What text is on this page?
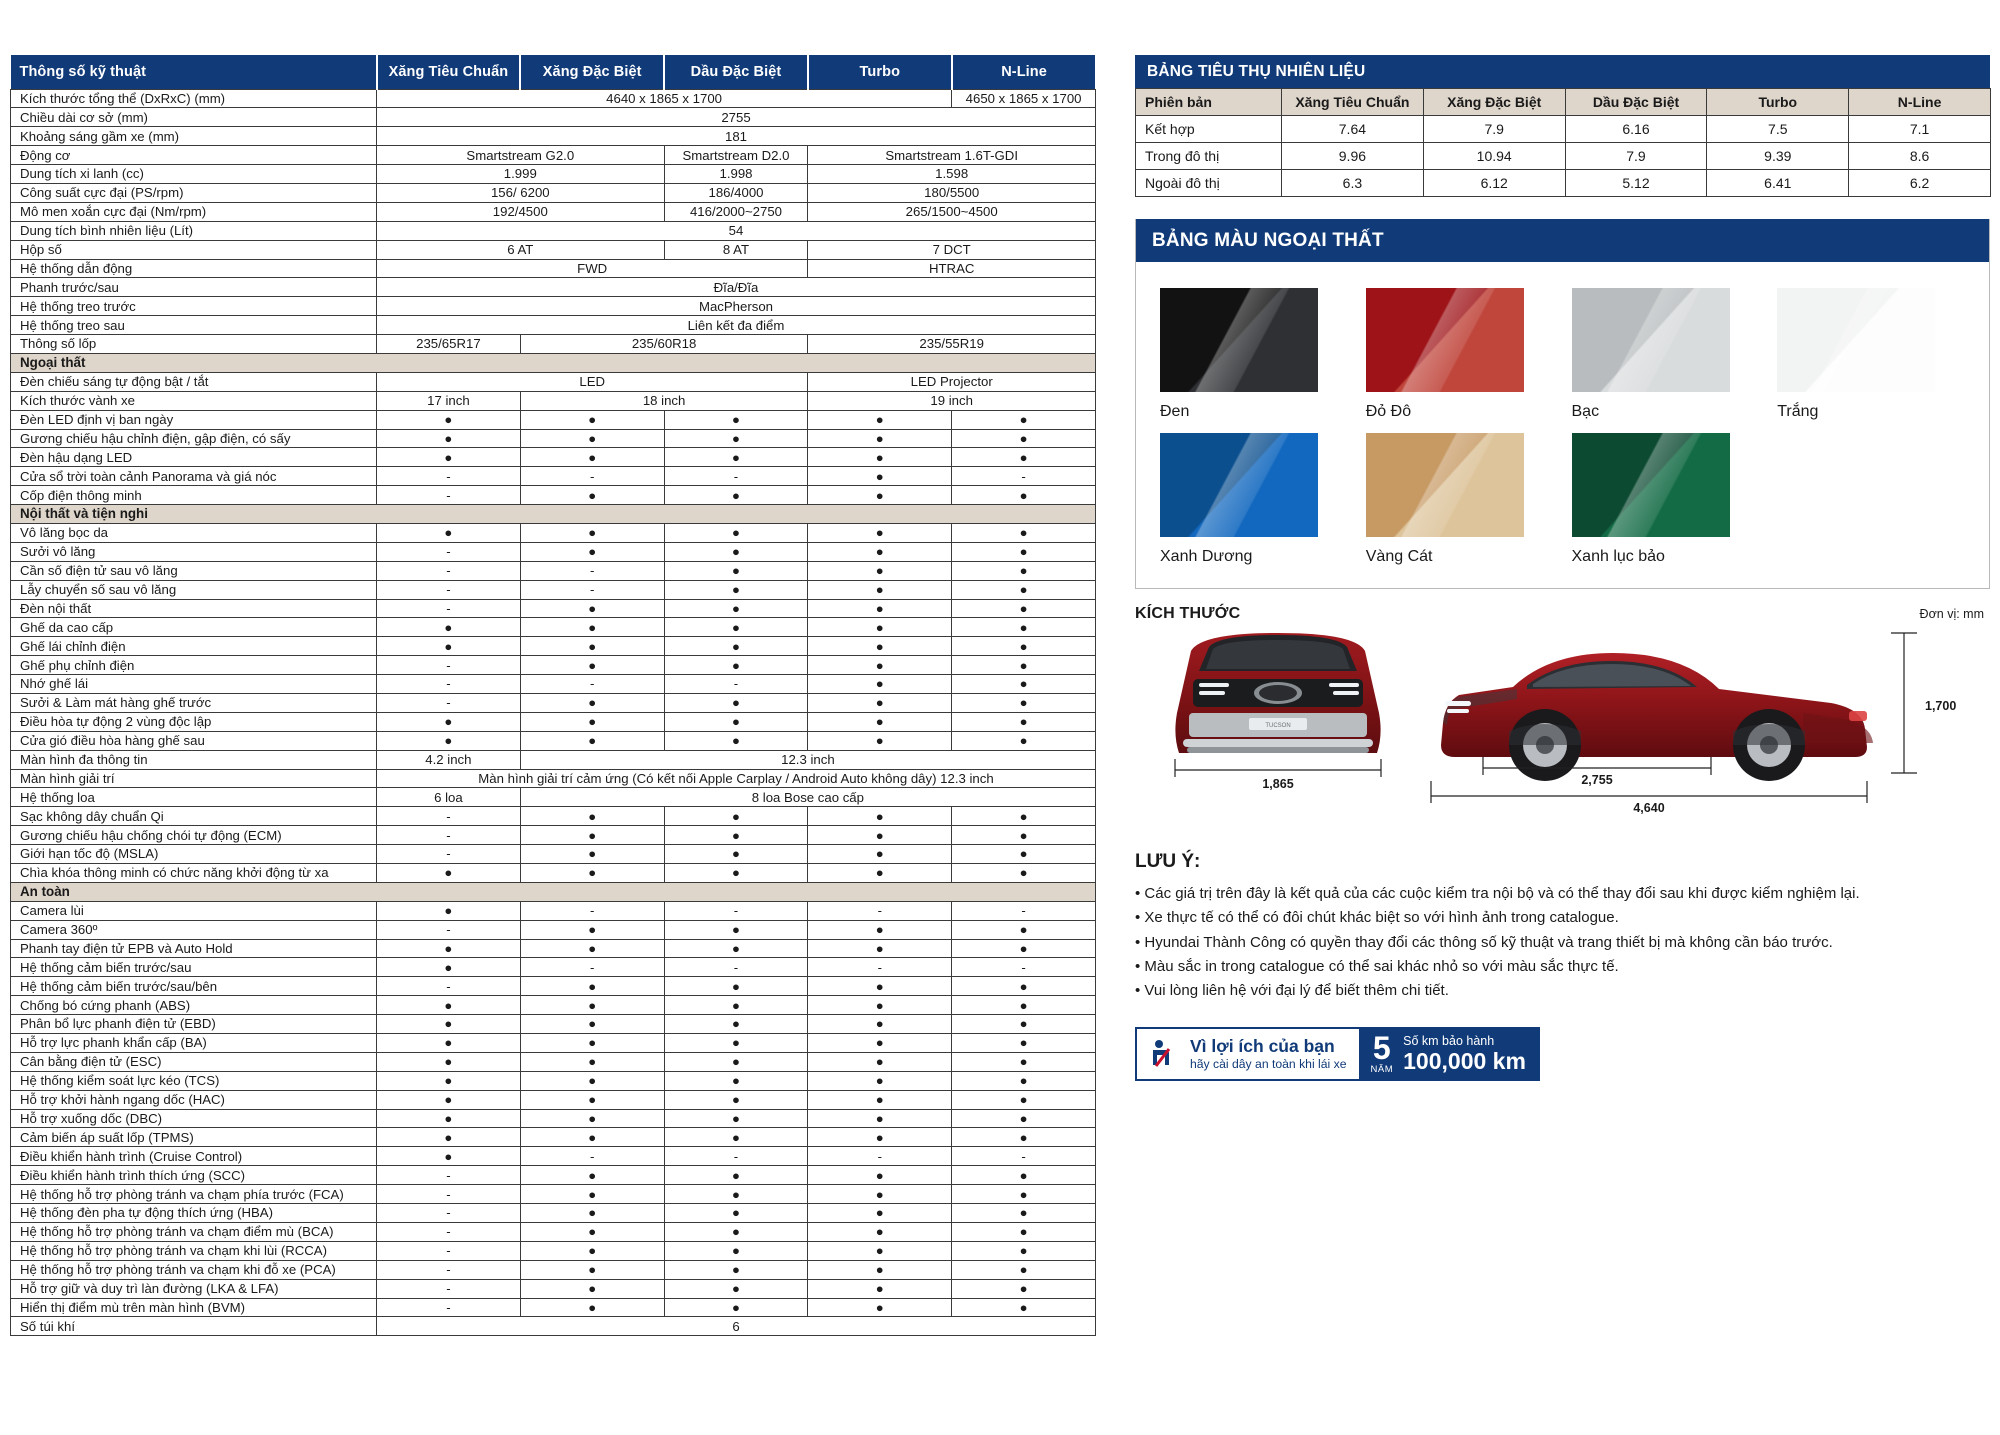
Thông số kỹ thuật	Xăng Tiêu Chuẩn	Xăng Đặc Biệt	Dầu Đặc Biệt	Turbo	N-Line
Kích thước tổng thể (DxRxC) (mm)	4640 x 1865 x 1700				4650 x 1865 x 1700
Chiều dài cơ sở (mm)	2755				
Khoảng sáng gầm xe (mm)	181				
Động cơ	Smartstream G2.0		Smartstream D2.0	Smartstream 1.6T-GDI	
Dung tích xi lanh (cc)	1.999		1.998	1.598	
Công suất cực đại (PS/rpm)	156/ 6200		186/4000	180/5500	
Mô men xoắn cực đại (Nm/rpm)	192/4500		416/2000~2750	265/1500~4500	
Dung tích bình nhiên liệu (Lít)	54				
Hộp số	6 AT		8 AT	7 DCT	
Hệ thống dẫn động	FWD			HTRAC	
Phanh trước/sau	Đĩa/Đĩa				
Hệ thống treo trước	MacPherson				
Hệ thống treo sau	Liên kết đa điểm				
Thông số lốp	235/65R17	235/60R18		235/55R19	
Ngoại thất					
Đèn chiếu sáng tự động bật / tắt	LED			LED Projector	
Kích thước vành xe	17 inch	18 inch		19 inch	
Đèn LED định vị ban ngày	●	●	●	●	●
Gương chiếu hậu chỉnh điện, gập điện, có sấy	●	●	●	●	●
Đèn hậu dạng LED	●	●	●	●	●
Cửa sổ trời toàn cảnh Panorama và giá nóc	-	-	-	●	-
Cốp điện thông minh	-	●	●	●	●
Nội thất và tiện nghi					
Vô lăng bọc da	●	●	●	●	●
Sưởi vô lăng	-	●	●	●	●
Cần số điện tử sau vô lăng	-	-	●	●	●
Lẫy chuyển số sau vô lăng	-	-	●	●	●
Đèn nội thất	-	●	●	●	●
Ghế da cao cấp	●	●	●	●	●
Ghế lái chỉnh điện	●	●	●	●	●
Ghế phụ chỉnh điện	-	●	●	●	●
Nhớ ghế lái	-	-	-	●	●
Sưởi & Làm mát hàng ghế trước	-	●	●	●	●
Điều hòa tự động 2 vùng độc lập	●	●	●	●	●
Cửa gió điều hòa hàng ghế sau	●	●	●	●	●
Màn hình đa thông tin	4.2 inch	12.3 inch			
Màn hình giải trí	Màn hình giải trí cảm ứng (Có kết nối Apple Carplay / Android Auto không dây) 12.3 inch				
Hệ thống loa	6 loa	8 loa Bose cao cấp			
Sạc không dây chuẩn Qi	-	●	●	●	●
Gương chiếu hậu chống chói tự động (ECM)	-	●	●	●	●
Giới hạn tốc độ (MSLA)	-	●	●	●	●
Chìa khóa thông minh có chức năng khởi động từ xa	●	●	●	●	●
An toàn					
Camera lùi	●	-	-	-	-
Camera 360º	-	●	●	●	●
Phanh tay điện tử EPB và Auto Hold	●	●	●	●	●
Hệ thống cảm biến trước/sau	●	-	-	-	-
Hệ thống cảm biến trước/sau/bên	-	●	●	●	●
Chống bó cứng phanh (ABS)	●	●	●	●	●
Phân bổ lực phanh điện tử (EBD)	●	●	●	●	●
Hỗ trợ lực phanh khẩn cấp (BA)	●	●	●	●	●
Cân bằng điện tử (ESC)	●	●	●	●	●
Hệ thống kiểm soát lực kéo (TCS)	●	●	●	●	●
Hỗ trợ khởi hành ngang dốc (HAC)	●	●	●	●	●
Hỗ trợ xuống dốc (DBC)	●	●	●	●	●
Cảm biến áp suất lốp (TPMS)	●	●	●	●	●
Điều khiển hành trình (Cruise Control)	●	-	-	-	-
Điều khiển hành trình thích ứng (SCC)	-	●	●	●	●
Hệ thống hỗ trợ phòng tránh va chạm phía trước (FCA)	-	●	●	●	●
Hệ thống đèn pha tự động thích ứng (HBA)	-	●	●	●	●
Hệ thống hỗ trợ phòng tránh va chạm điểm mù (BCA)	-	●	●	●	●
Hệ thống hỗ trợ phòng tránh va chạm khi lùi (RCCA)	-	●	●	●	●
Hệ thống hỗ trợ phòng tránh va chạm khi đỗ xe (PCA)	-	●	●	●	●
Hỗ trợ giữ và duy trì làn đường (LKA & LFA)	-	●	●	●	●
Hiển thị điểm mù trên màn hình (BVM)	-	●	●	●	●
Số túi khí	6				
BẢNG TIÊU THỤ NHIÊN LIỆU
Phiên bản	Xăng Tiêu Chuẩn	Xăng Đặc Biệt	Dầu Đặc Biệt	Turbo	N-Line
Kết hợp	7.64	7.9	6.16	7.5	7.1
Trong đô thị	9.96	10.94	7.9	9.39	8.6
Ngoài đô thị	6.3	6.12	5.12	6.41	6.2
BẢNG MÀU NGOẠI THẤT
Đen	Đỏ Đô	Bạc	Trắng
Xanh Dương	Vàng Cát	Xanh lục bảo
KÍCH THƯỚC	Đơn vị: mm
TUCSON
1,865	2,755
4,640
1,700
LƯU Ý:

• Các giá trị trên đây là kết quả của các cuộc kiểm tra nội bộ và có thể thay đổi sau khi được kiểm nghiệm lại.

• Xe thực tế có thể có đôi chút khác biệt so với hình ảnh trong catalogue.

• Hyundai Thành Công có quyền thay đổi các thông số kỹ thuật và trang thiết bị mà không cần báo trước.

• Màu sắc in trong catalogue có thể sai khác nhỏ so với màu sắc thực tế.

• Vui lòng liên hệ với đại lý để biết thêm chi tiết.

Vì lợi ích của bạn
hãy cài dây an toàn khi lái xe 5
NĂM
Số km bảo hành
100,000 km
